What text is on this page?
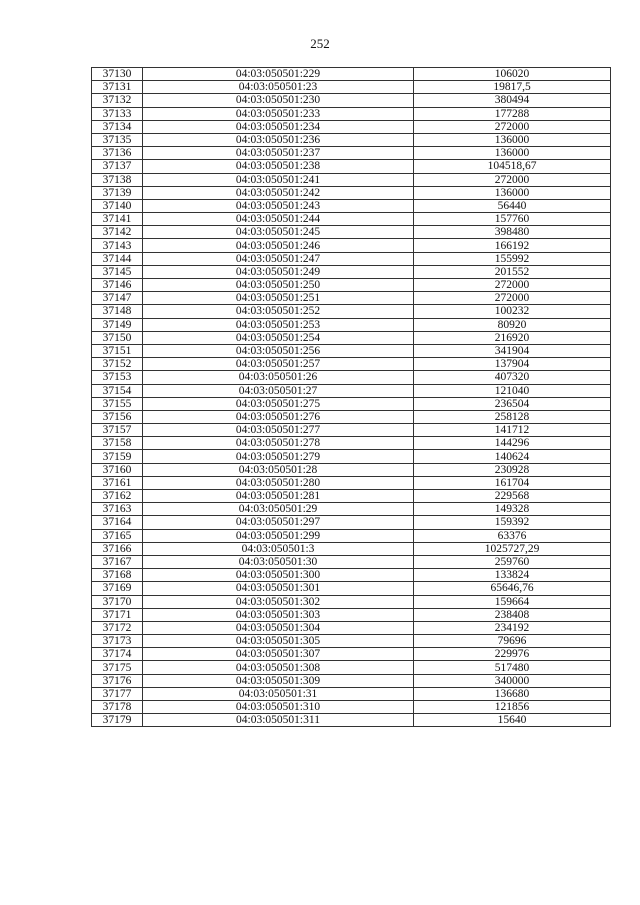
252
37130	04:03:050501:229	106020
37131	04:03:050501:23	19817,5
37132	04:03:050501:230	380494
37133	04:03:050501:233	177288
37134	04:03:050501:234	272000
37135	04:03:050501:236	136000
37136	04:03:050501:237	136000
37137	04:03:050501:238	104518,67
37138	04:03:050501:241	272000
37139	04:03:050501:242	136000
37140	04:03:050501:243	56440
37141	04:03:050501:244	157760
37142	04:03:050501:245	398480
37143	04:03:050501:246	166192
37144	04:03:050501:247	155992
37145	04:03:050501:249	201552
37146	04:03:050501:250	272000
37147	04:03:050501:251	272000
37148	04:03:050501:252	100232
37149	04:03:050501:253	80920
37150	04:03:050501:254	216920
37151	04:03:050501:256	341904
37152	04:03:050501:257	137904
37153	04:03:050501:26	407320
37154	04:03:050501:27	121040
37155	04:03:050501:275	236504
37156	04:03:050501:276	258128
37157	04:03:050501:277	141712
37158	04:03:050501:278	144296
37159	04:03:050501:279	140624
37160	04:03:050501:28	230928
37161	04:03:050501:280	161704
37162	04:03:050501:281	229568
37163	04:03:050501:29	149328
37164	04:03:050501:297	159392
37165	04:03:050501:299	63376
37166	04:03:050501:3	1025727,29
37167	04:03:050501:30	259760
37168	04:03:050501:300	133824
37169	04:03:050501:301	65646,76
37170	04:03:050501:302	159664
37171	04:03:050501:303	238408
37172	04:03:050501:304	234192
37173	04:03:050501:305	79696
37174	04:03:050501:307	229976
37175	04:03:050501:308	517480
37176	04:03:050501:309	340000
37177	04:03:050501:31	136680
37178	04:03:050501:310	121856
37179	04:03:050501:311	15640
